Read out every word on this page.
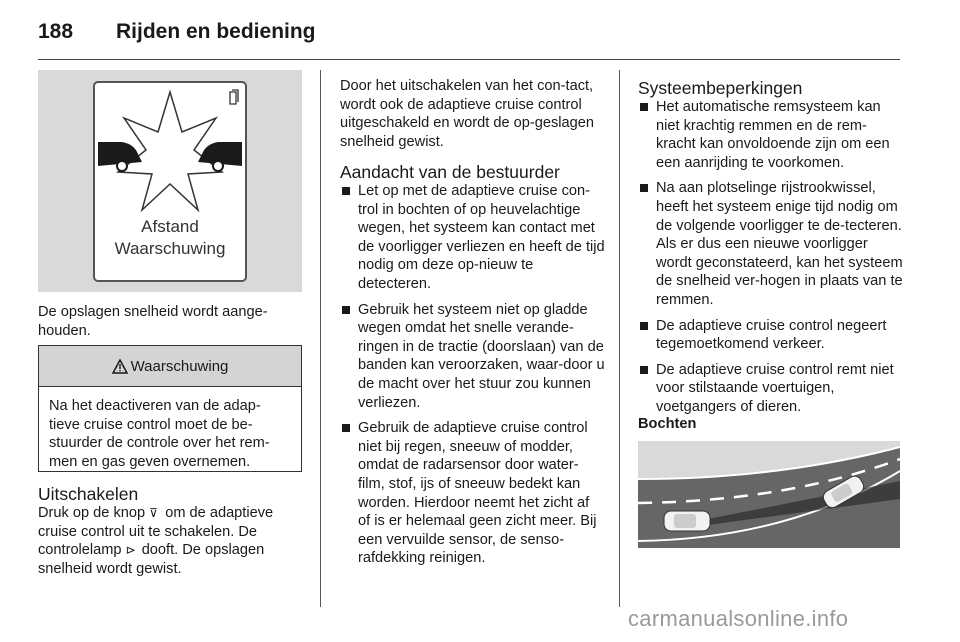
188 Rijden en bediening
Afstand
Waarschuwing
De opslagen snelheid wordt aange-houden.
Waarschuwing
Na het deactiveren van de adap-tieve cruise control moet de be-stuurder de controle over het rem-men en gas geven overnemen.
Uitschakelen
Druk op de knop ⊽ om de adaptieve cruise control uit te schakelen. De controlelamp ⊳ dooft. De opslagen snelheid wordt gewist.
Door het uitschakelen van het con-tact, wordt ook de adaptieve cruise control uitgeschakeld en wordt de op-geslagen snelheid gewist.
Aandacht van de bestuurder
Let op met de adaptieve cruise con-trol in bochten of op heuvelachtige wegen, het systeem kan contact met de voorligger verliezen en heeft de tijd nodig om deze op-nieuw te detecteren.
Gebruik het systeem niet op gladde wegen omdat het snelle verande-ringen in de tractie (doorslaan) van de banden kan veroorzaken, waar-door u de macht over het stuur zou kunnen verliezen.
Gebruik de adaptieve cruise control niet bij regen, sneeuw of modder, omdat de radarsensor door water-film, stof, ijs of sneeuw bedekt kan worden. Hierdoor neemt het zicht af of is er helemaal geen zicht meer. Bij een vervuilde sensor, de senso-rafdekking reinigen.
Systeembeperkingen
Het automatische remsysteem kan niet krachtig remmen en de rem-kracht kan onvoldoende zijn om een een aanrijding te voorkomen.
Na aan plotselinge rijstrookwissel, heeft het systeem enige tijd nodig om de volgende voorligger te de-tecteren. Als er dus een nieuwe voorligger wordt geconstateerd, kan het systeem de snelheid ver-hogen in plaats van te remmen.
De adaptieve cruise control negeert tegemoetkomend verkeer.
De adaptieve cruise control remt niet voor stilstaande voertuigen, voetgangers of dieren.
Bochten
carmanualsonline.info
